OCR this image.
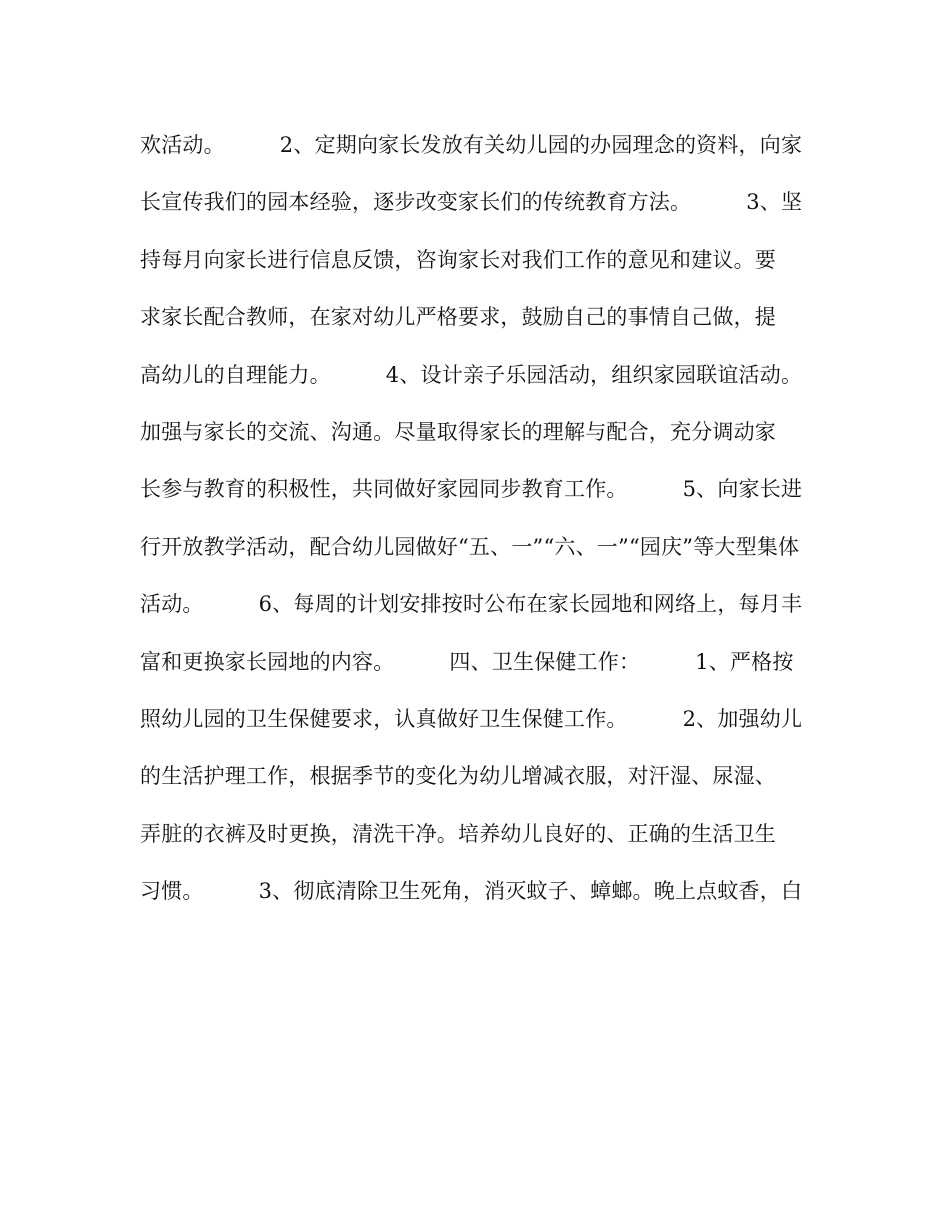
欢活动。        2、定期向家长发放有关幼儿园的办园理念的资料，向家
长宣传我们的园本经验，逐步改变家长们的传统教育方法。        3、坚
持每月向家长进行信息反馈，咨询家长对我们工作的意见和建议。要
求家长配合教师，在家对幼儿严格要求，鼓励自己的事情自己做，提
高幼儿的自理能力。        4、设计亲子乐园活动，组织家园联谊活动。
加强与家长的交流、沟通。尽量取得家长的理解与配合，充分调动家
长参与教育的积极性，共同做好家园同步教育工作。        5、向家长进
行开放教学活动，配合幼儿园做好“五、一”“六、一”“园庆”等大型集体
活动。        6、每周的计划安排按时公布在家长园地和网络上，每月丰
富和更换家长园地的内容。        四、卫生保健工作：        1、严格按
照幼儿园的卫生保健要求，认真做好卫生保健工作。        2、加强幼儿
的生活护理工作，根据季节的变化为幼儿增减衣服，对汗湿、尿湿、
弄脏的衣裤及时更换，清洗干净。培养幼儿良好的、正确的生活卫生
习惯。        3、彻底清除卫生死角，消灭蚊子、蟑螂。晚上点蚊香，白
